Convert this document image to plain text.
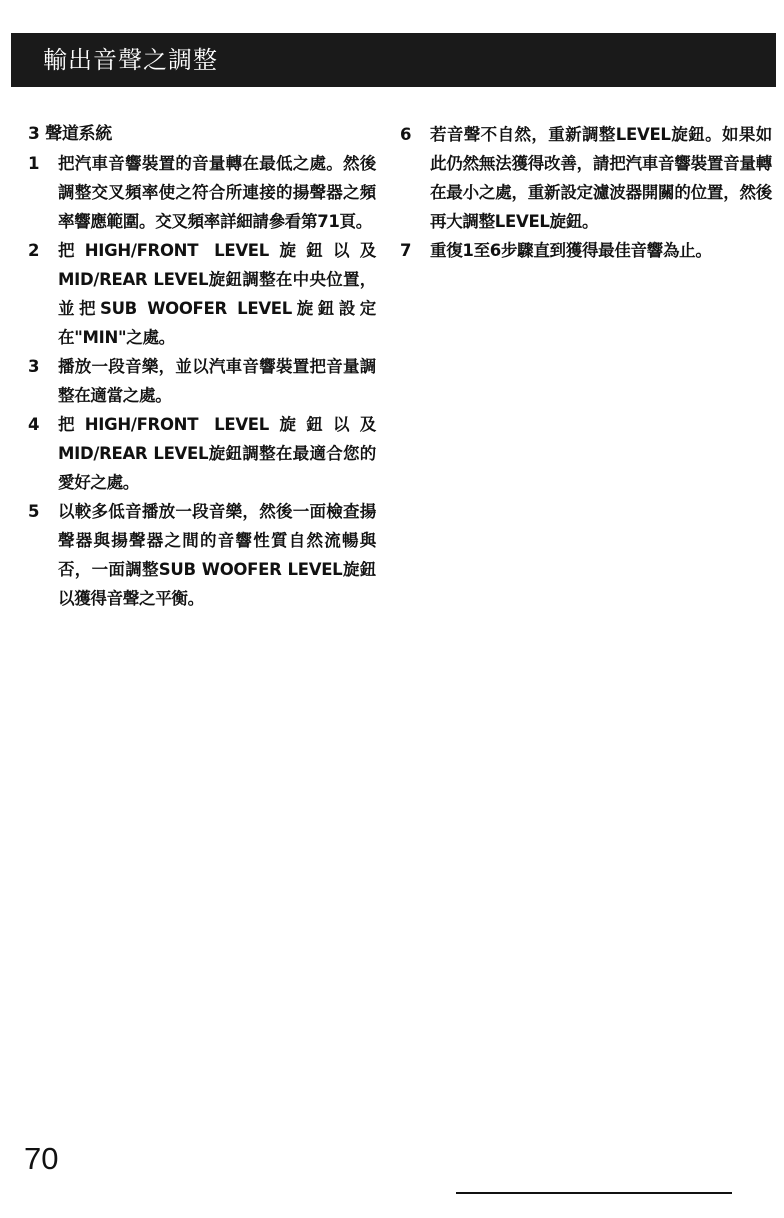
輸出音聲之調整
3 聲道系統
1	把汽車音響裝置的音量轉在最低之處。然後調整交叉頻率使之符合所連接的揚聲器之頻率響應範圍。交叉頻率詳細請參看第71頁。
2	把HIGH/FRONT LEVEL旋鈕以及MID/REAR LEVEL旋鈕調整在中央位置，並把SUB WOOFER LEVEL旋鈕設定在"MIN"之處。
3	播放一段音樂，並以汽車音響裝置把音量調整在適當之處。
4	把HIGH/FRONT LEVEL旋鈕以及MID/REAR LEVEL旋鈕調整在最適合您的愛好之處。
5	以較多低音播放一段音樂，然後一面檢查揚聲器與揚聲器之間的音響性質自然流暢與否，一面調整SUB WOOFER LEVEL旋鈕以獲得音聲之平衡。
6	若音聲不自然，重新調整LEVEL旋鈕。如果如此仍然無法獲得改善，請把汽車音響裝置音量轉在最小之處，重新設定濾波器開關的位置，然後再大調整LEVEL旋鈕。
7	重復1至6步驟直到獲得最佳音響為止。
70
